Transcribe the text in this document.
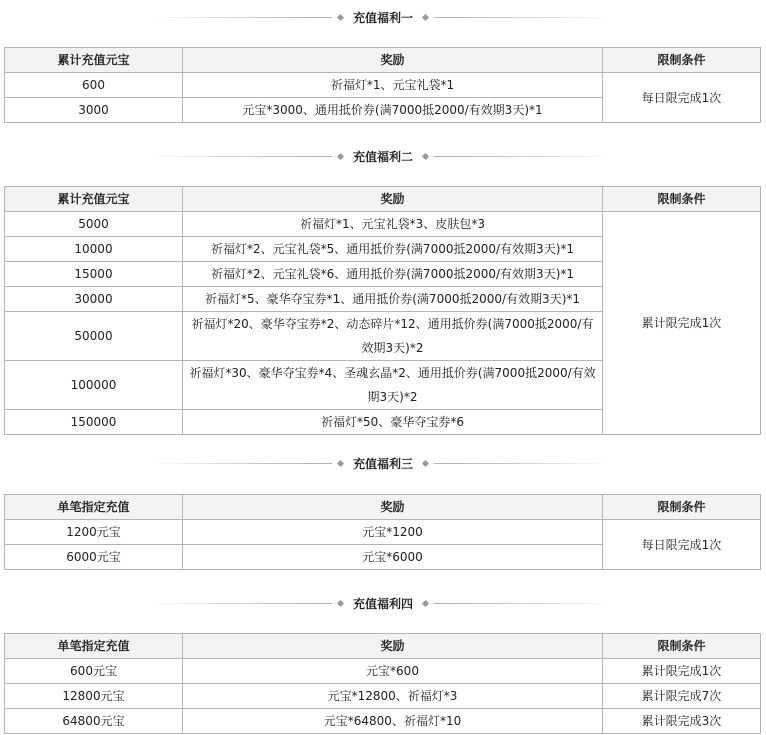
充值福利一
累计充值元宝	奖励	限制条件
600	祈福灯*1、元宝礼袋*1	每日限完成1次
3000	元宝*3000、通用抵价券(满7000抵2000/有效期3天)*1	
充值福利二
累计充值元宝	奖励	限制条件
5000	祈福灯*1、元宝礼袋*3、皮肤包*3	累计限完成1次
10000	祈福灯*2、元宝礼袋*5、通用抵价券(满7000抵2000/有效期3天)*1	
15000	祈福灯*2、元宝礼袋*6、通用抵价券(满7000抵2000/有效期3天)*1	
30000	祈福灯*5、豪华夺宝券*1、通用抵价券(满7000抵2000/有效期3天)*1	
50000	祈福灯*20、豪华夺宝券*2、动态碎片*12、通用抵价券(满7000抵2000/有效期3天)*2	
100000	祈福灯*30、豪华夺宝券*4、圣魂玄晶*2、通用抵价券(满7000抵2000/有效期3天)*2	
150000	祈福灯*50、豪华夺宝券*6	
充值福利三
单笔指定充值	奖励	限制条件
1200元宝	元宝*1200	每日限完成1次
6000元宝	元宝*6000	
充值福利四
单笔指定充值	奖励	限制条件
600元宝	元宝*600	累计限完成1次
12800元宝	元宝*12800、祈福灯*3	累计限完成7次
64800元宝	元宝*64800、祈福灯*10	累计限完成3次
